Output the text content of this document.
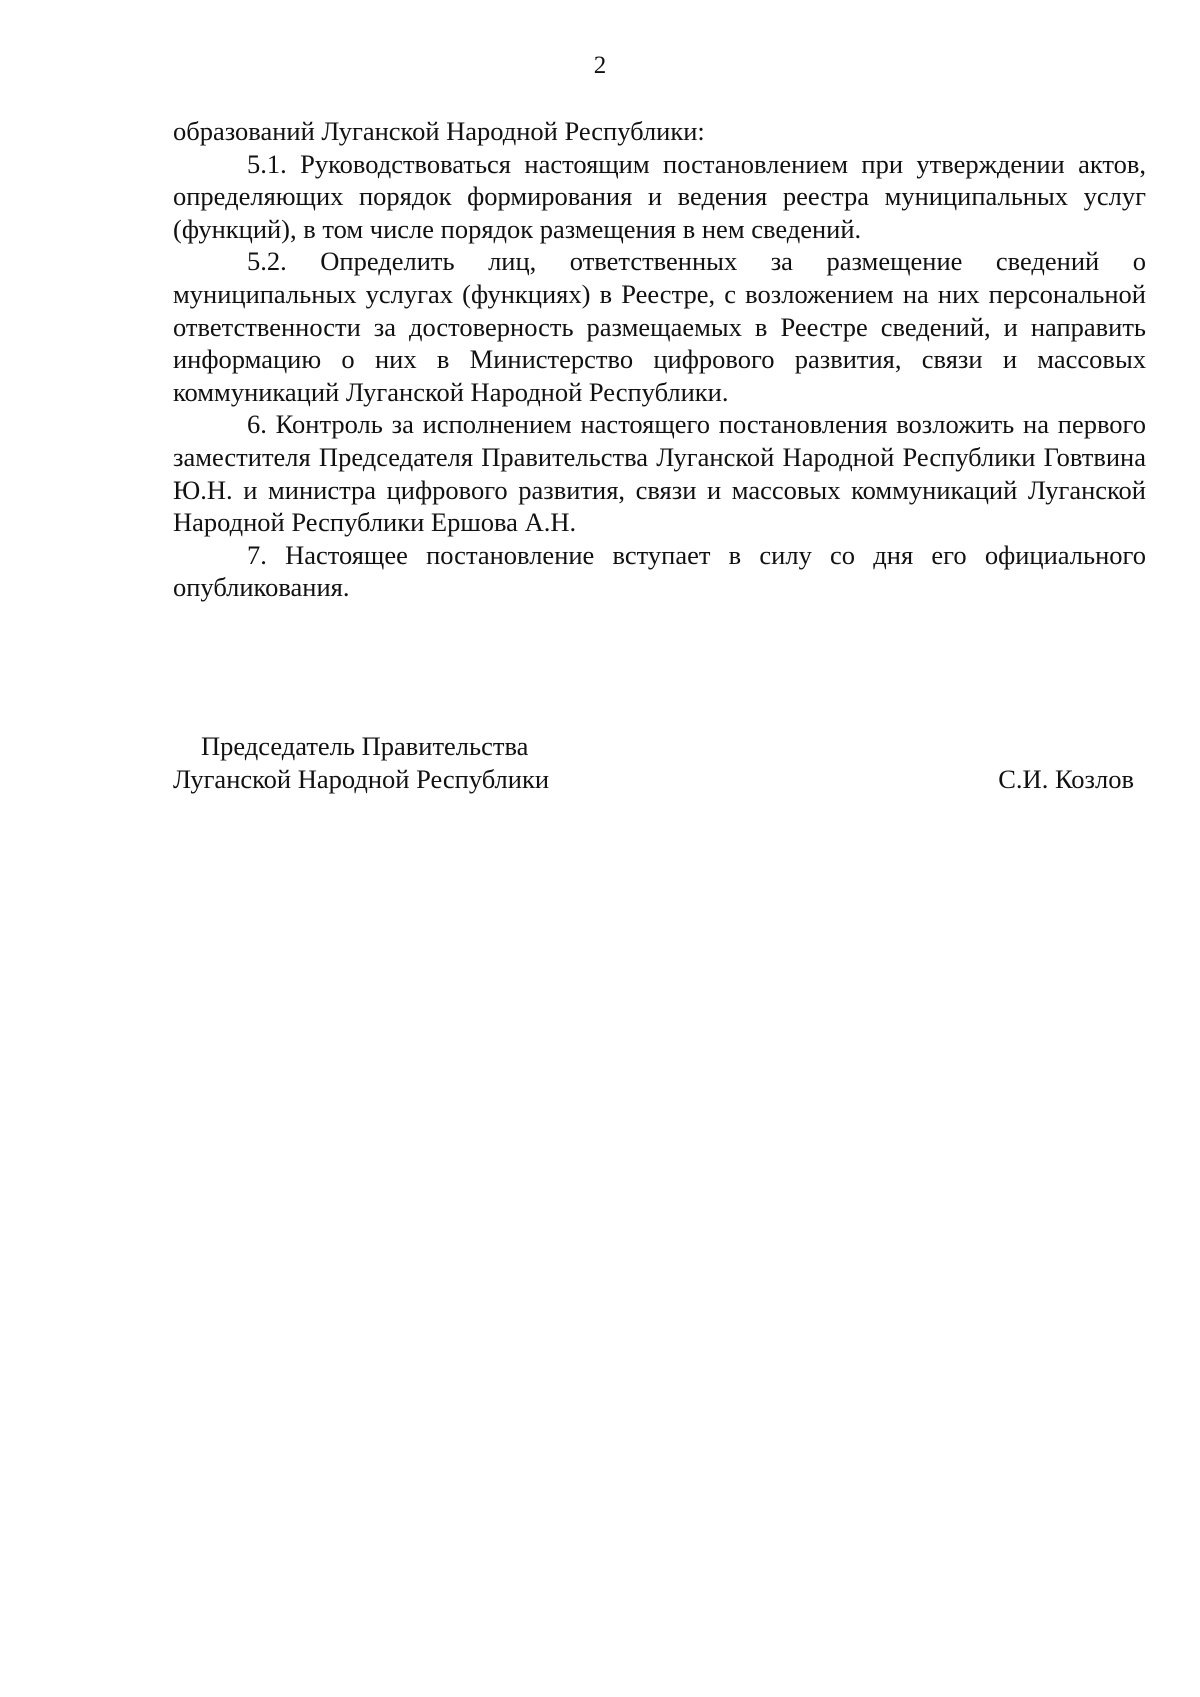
2

образований Луганской Народной Республики:

5.1. Руководствоваться настоящим постановлением при утверждении актов, определяющих порядок формирования и ведения реестра муниципальных услуг (функций), в том числе порядок размещения в нем сведений.

5.2. Определить лиц, ответственных за размещение сведений о муниципальных услугах (функциях) в Реестре, с возложением на них персональной ответственности за достоверность размещаемых в Реестре сведений, и направить информацию о них в Министерство цифрового развития, связи и массовых коммуникаций Луганской Народной Республики.

6. Контроль за исполнением настоящего постановления возложить на первого заместителя Председателя Правительства Луганской Народной Республики Говтвина Ю.Н. и министра цифрового развития, связи и массовых коммуникаций Луганской Народной Республики Ершова А.Н.

7. Настоящее постановление вступает в силу со дня его официального опубликования.

Председатель Правительства
Луганской Народной Республики	С.И. Козлов
